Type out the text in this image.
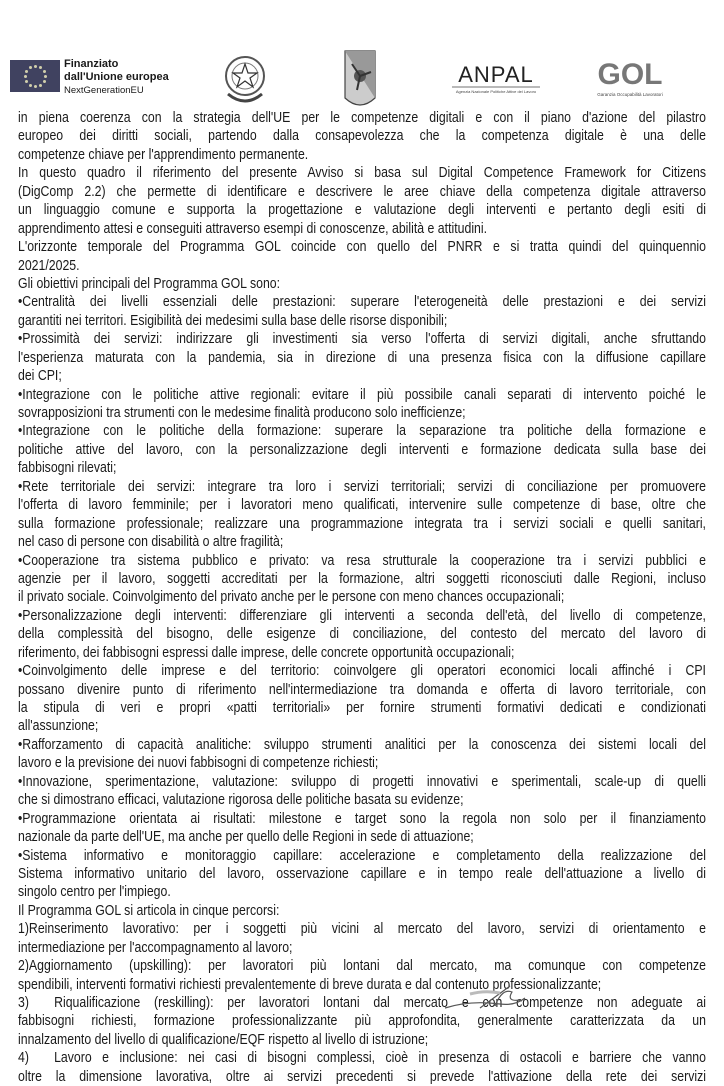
Finanziato
dall'Unione europea
NextGenerationEU
ANPAL
Agenzia Nazionale Politiche Attive del Lavoro
GOL
Garanzia Occupabilità Lavoratori
in piena coerenza con la strategia dell'UE per le competenze digitali e con il piano d'azione del pilastro
europeo dei diritti sociali, partendo dalla consapevolezza che la competenza digitale è una delle
competenze chiave per l'apprendimento permanente.
In questo quadro il riferimento del presente Avviso si basa sul Digital Competence Framework for Citizens
(DigComp 2.2) che permette di identificare e descrivere le aree chiave della competenza digitale attraverso
un linguaggio comune e supporta la progettazione e valutazione degli interventi e pertanto degli esiti di
apprendimento attesi e conseguiti attraverso esempi di conoscenze, abilità e attitudini.
L'orizzonte temporale del Programma GOL coincide con quello del PNRR e si tratta quindi del quinquennio
2021/2025.
Gli obiettivi principali del Programma GOL sono:
•Centralità dei livelli essenziali delle prestazioni: superare l'eterogeneità delle prestazioni e dei servizi
garantiti nei territori. Esigibilità dei medesimi sulla base delle risorse disponibili;
•Prossimità dei servizi: indirizzare gli investimenti sia verso l'offerta di servizi digitali, anche sfruttando
l'esperienza maturata con la pandemia, sia in direzione di una presenza fisica con la diffusione capillare
dei CPI;
•Integrazione con le politiche attive regionali: evitare il più possibile canali separati di intervento poiché le
sovrapposizioni tra strumenti con le medesime finalità producono solo inefficienze;
•Integrazione con le politiche della formazione: superare la separazione tra politiche della formazione e
politiche attive del lavoro, con la personalizzazione degli interventi e formazione dedicata sulla base dei
fabbisogni rilevati;
•Rete territoriale dei servizi: integrare tra loro i servizi territoriali; servizi di conciliazione per promuovere
l'offerta di lavoro femminile; per i lavoratori meno qualificati, intervenire sulle competenze di base, oltre che
sulla formazione professionale; realizzare una programmazione integrata tra i servizi sociali e quelli sanitari,
nel caso di persone con disabilità o altre fragilità;
•Cooperazione tra sistema pubblico e privato: va resa strutturale la cooperazione tra i servizi pubblici e
agenzie per il lavoro, soggetti accreditati per la formazione, altri soggetti riconosciuti dalle Regioni, incluso
il privato sociale. Coinvolgimento del privato anche per le persone con meno chances occupazionali;
•Personalizzazione degli interventi: differenziare gli interventi a seconda dell'età, del livello di competenze,
della complessità del bisogno, delle esigenze di conciliazione, del contesto del mercato del lavoro di
riferimento, dei fabbisogni espressi dalle imprese, delle concrete opportunità occupazionali;
•Coinvolgimento delle imprese e del territorio: coinvolgere gli operatori economici locali affinché i CPI
possano divenire punto di riferimento nell'intermediazione tra domanda e offerta di lavoro territoriale, con
la stipula di veri e propri «patti territoriali» per fornire strumenti formativi dedicati e condizionati
all'assunzione;
•Rafforzamento di capacità analitiche: sviluppo strumenti analitici per la conoscenza dei sistemi locali del
lavoro e la previsione dei nuovi fabbisogni di competenze richiesti;
•Innovazione, sperimentazione, valutazione: sviluppo di progetti innovativi e sperimentali, scale-up di quelli
che si dimostrano efficaci, valutazione rigorosa delle politiche basata su evidenze;
•Programmazione orientata ai risultati: milestone e target sono la regola non solo per il finanziamento
nazionale da parte dell'UE, ma anche per quello delle Regioni in sede di attuazione;
•Sistema informativo e monitoraggio capillare: accelerazione e completamento della realizzazione del
Sistema informativo unitario del lavoro, osservazione capillare e in tempo reale dell'attuazione a livello di
singolo centro per l'impiego.
Il Programma GOL si articola in cinque percorsi:
1)Reinserimento lavorativo: per i soggetti più vicini al mercato del lavoro, servizi di orientamento e
intermediazione per l'accompagnamento al lavoro;
2)Aggiornamento (upskilling): per lavoratori più lontani dal mercato, ma comunque con competenze
spendibili, interventi formativi richiesti prevalentemente di breve durata e dal contenuto professionalizzante;
3) Riqualificazione (reskilling): per lavoratori lontani dal mercato e con competenze non adeguate ai
fabbisogni richiesti, formazione professionalizzante più approfondita, generalmente caratterizzata da un
innalzamento del livello di qualificazione/EQF rispetto al livello di istruzione;
4) Lavoro e inclusione: nei casi di bisogni complessi, cioè in presenza di ostacoli e barriere che vanno
oltre la dimensione lavorativa, oltre ai servizi precedenti si prevede l'attivazione della rete dei servizi
